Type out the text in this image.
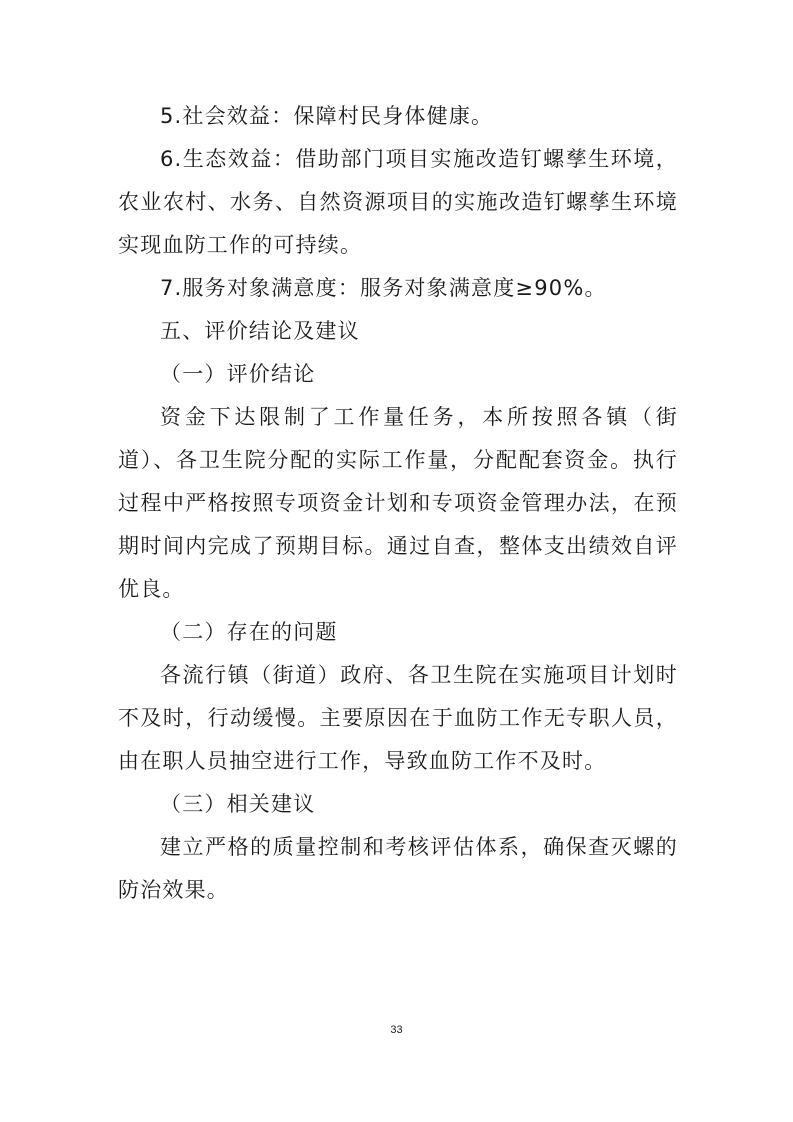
5.社会效益：保障村民身体健康。

6.生态效益：借助部门项目实施改造钉螺孳生环境，农业农村、水务、自然资源项目的实施改造钉螺孳生环境实现血防工作的可持续。

7.服务对象满意度：服务对象满意度≥90%。

五、评价结论及建议

（一）评价结论

资金下达限制了工作量任务，本所按照各镇（街道）、各卫生院分配的实际工作量，分配配套资金。执行过程中严格按照专项资金计划和专项资金管理办法，在预期时间内完成了预期目标。通过自查，整体支出绩效自评优良。

（二）存在的问题

各流行镇（街道）政府、各卫生院在实施项目计划时不及时，行动缓慢。主要原因在于血防工作无专职人员，由在职人员抽空进行工作，导致血防工作不及时。

（三）相关建议

建立严格的质量控制和考核评估体系，确保查灭螺的防治效果。

33
